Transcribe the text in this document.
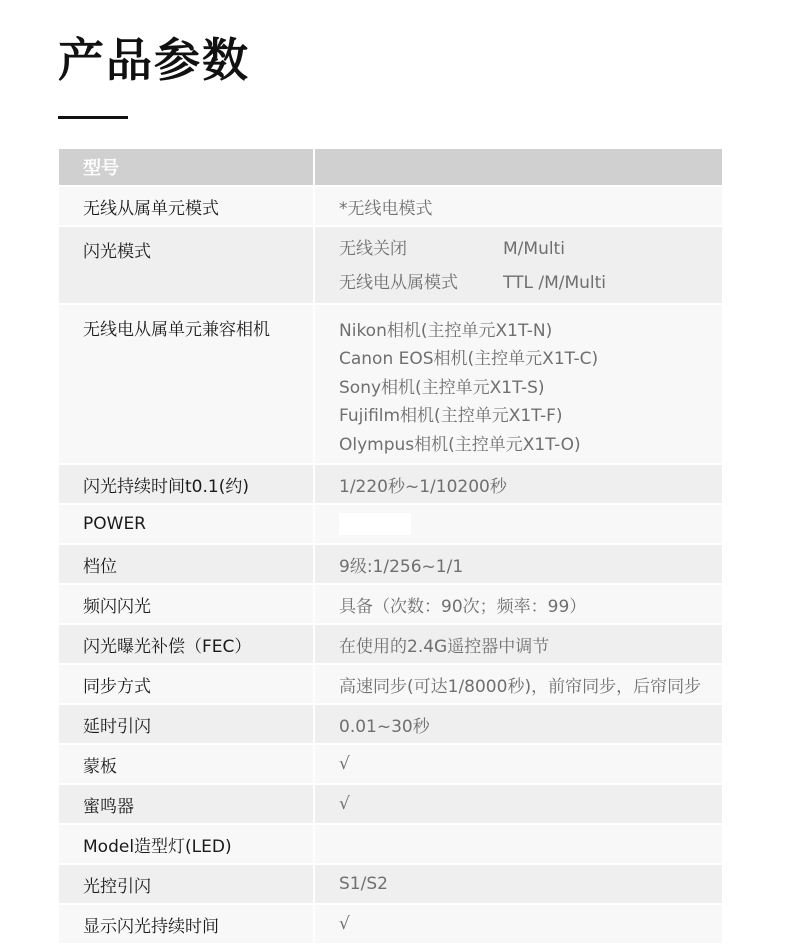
产品参数
型号
无线从属单元模式	*无线电模式
闪光模式	无线关闭	M/Multi
无线电从属模式	TTL /M/Multi
无线电从属单元兼容相机	Nikon相机(主控单元X1T-N)
Canon EOS相机(主控单元X1T-C)
Sony相机(主控单元X1T-S)
Fujifilm相机(主控单元X1T-F)
Olympus相机(主控单元X1T-O)
闪光持续时间t0.1(约)	1/220秒~1/10200秒
POWER
档位	9级:1/256~1/1
频闪闪光	具备（次数：90次；频率：99）
闪光曝光补偿（FEC）	在使用的2.4G遥控器中调节
同步方式	高速同步(可达1/8000秒)，前帘同步，后帘同步
延时引闪	0.01~30秒
蒙板	√
蜜鸣器	√
Model造型灯(LED)
光控引闪	S1/S2
显示闪光持续时间	√
